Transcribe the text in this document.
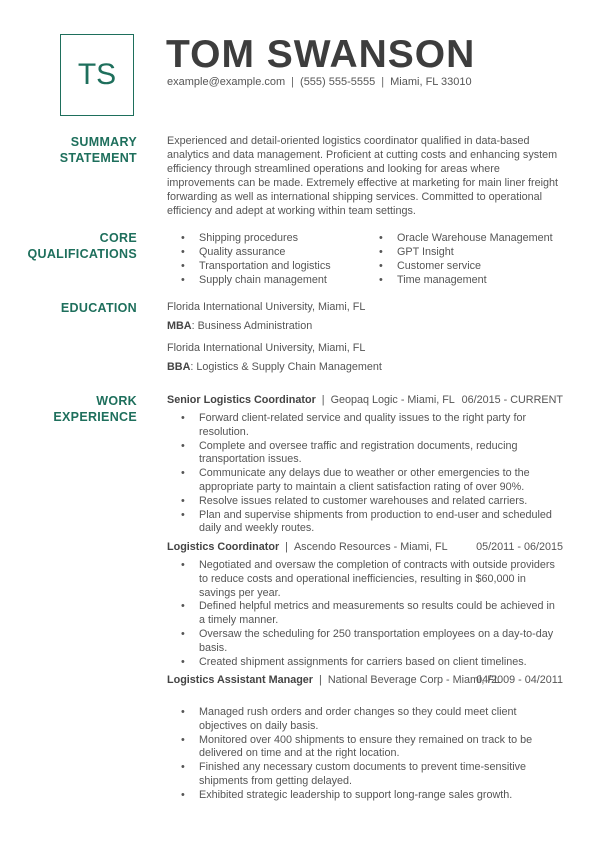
TS	TOM SWANSON
example@example.com | (555) 555-5555 | Miami, FL 33010
SUMMARY
STATEMENT
Experienced and detail-oriented logistics coordinator qualified in data-based analytics and data management. Proficient at cutting costs and enhancing system efficiency through streamlined operations and looking for areas where improvements can be made. Extremely effective at marketing for main liner freight forwarding as well as international shipping services. Committed to operational efficiency and adept at working within team settings.
CORE
QUALIFICATIONS
• Shipping procedures
• Quality assurance
• Transportation and logistics
• Supply chain management
• Oracle Warehouse Management
• GPT Insight
• Customer service
• Time management
EDUCATION	Florida International University, Miami, FL
MBA: Business Administration
Florida International University, Miami, FL
BBA: Logistics & Supply Chain Management
WORK
EXPERIENCE
Senior Logistics Coordinator | Geopaq Logic - Miami, FL 06/2015 - CURRENT
• Forward client-related service and quality issues to the right party for resolution.
• Complete and oversee traffic and registration documents, reducing transportation issues.
• Communicate any delays due to weather or other emergencies to the appropriate party to maintain a client satisfaction rating of over 90%.
• Resolve issues related to customer warehouses and related carriers.
• Plan and supervise shipments from production to end-user and scheduled daily and weekly routes.
Logistics Coordinator | Ascendo Resources - Miami, FL	05/2011 - 06/2015
• Negotiated and oversaw the completion of contracts with outside providers to reduce costs and operational inefficiencies, resulting in $60,000 in savings per year.
• Defined helpful metrics and measurements so results could be achieved in a timely manner.
• Oversaw the scheduling for 250 transportation employees on a day-to-day basis.
• Created shipment assignments for carriers based on client timelines.
Logistics Assistant Manager | National Beverage Corp - Miami, FL
04/2009 - 04/2011
• Managed rush orders and order changes so they could meet client objectives on daily basis.
• Monitored over 400 shipments to ensure they remained on track to be delivered on time and at the right location.
• Finished any necessary custom documents to prevent time-sensitive shipments from getting delayed.
• Exhibited strategic leadership to support long-range sales growth.
